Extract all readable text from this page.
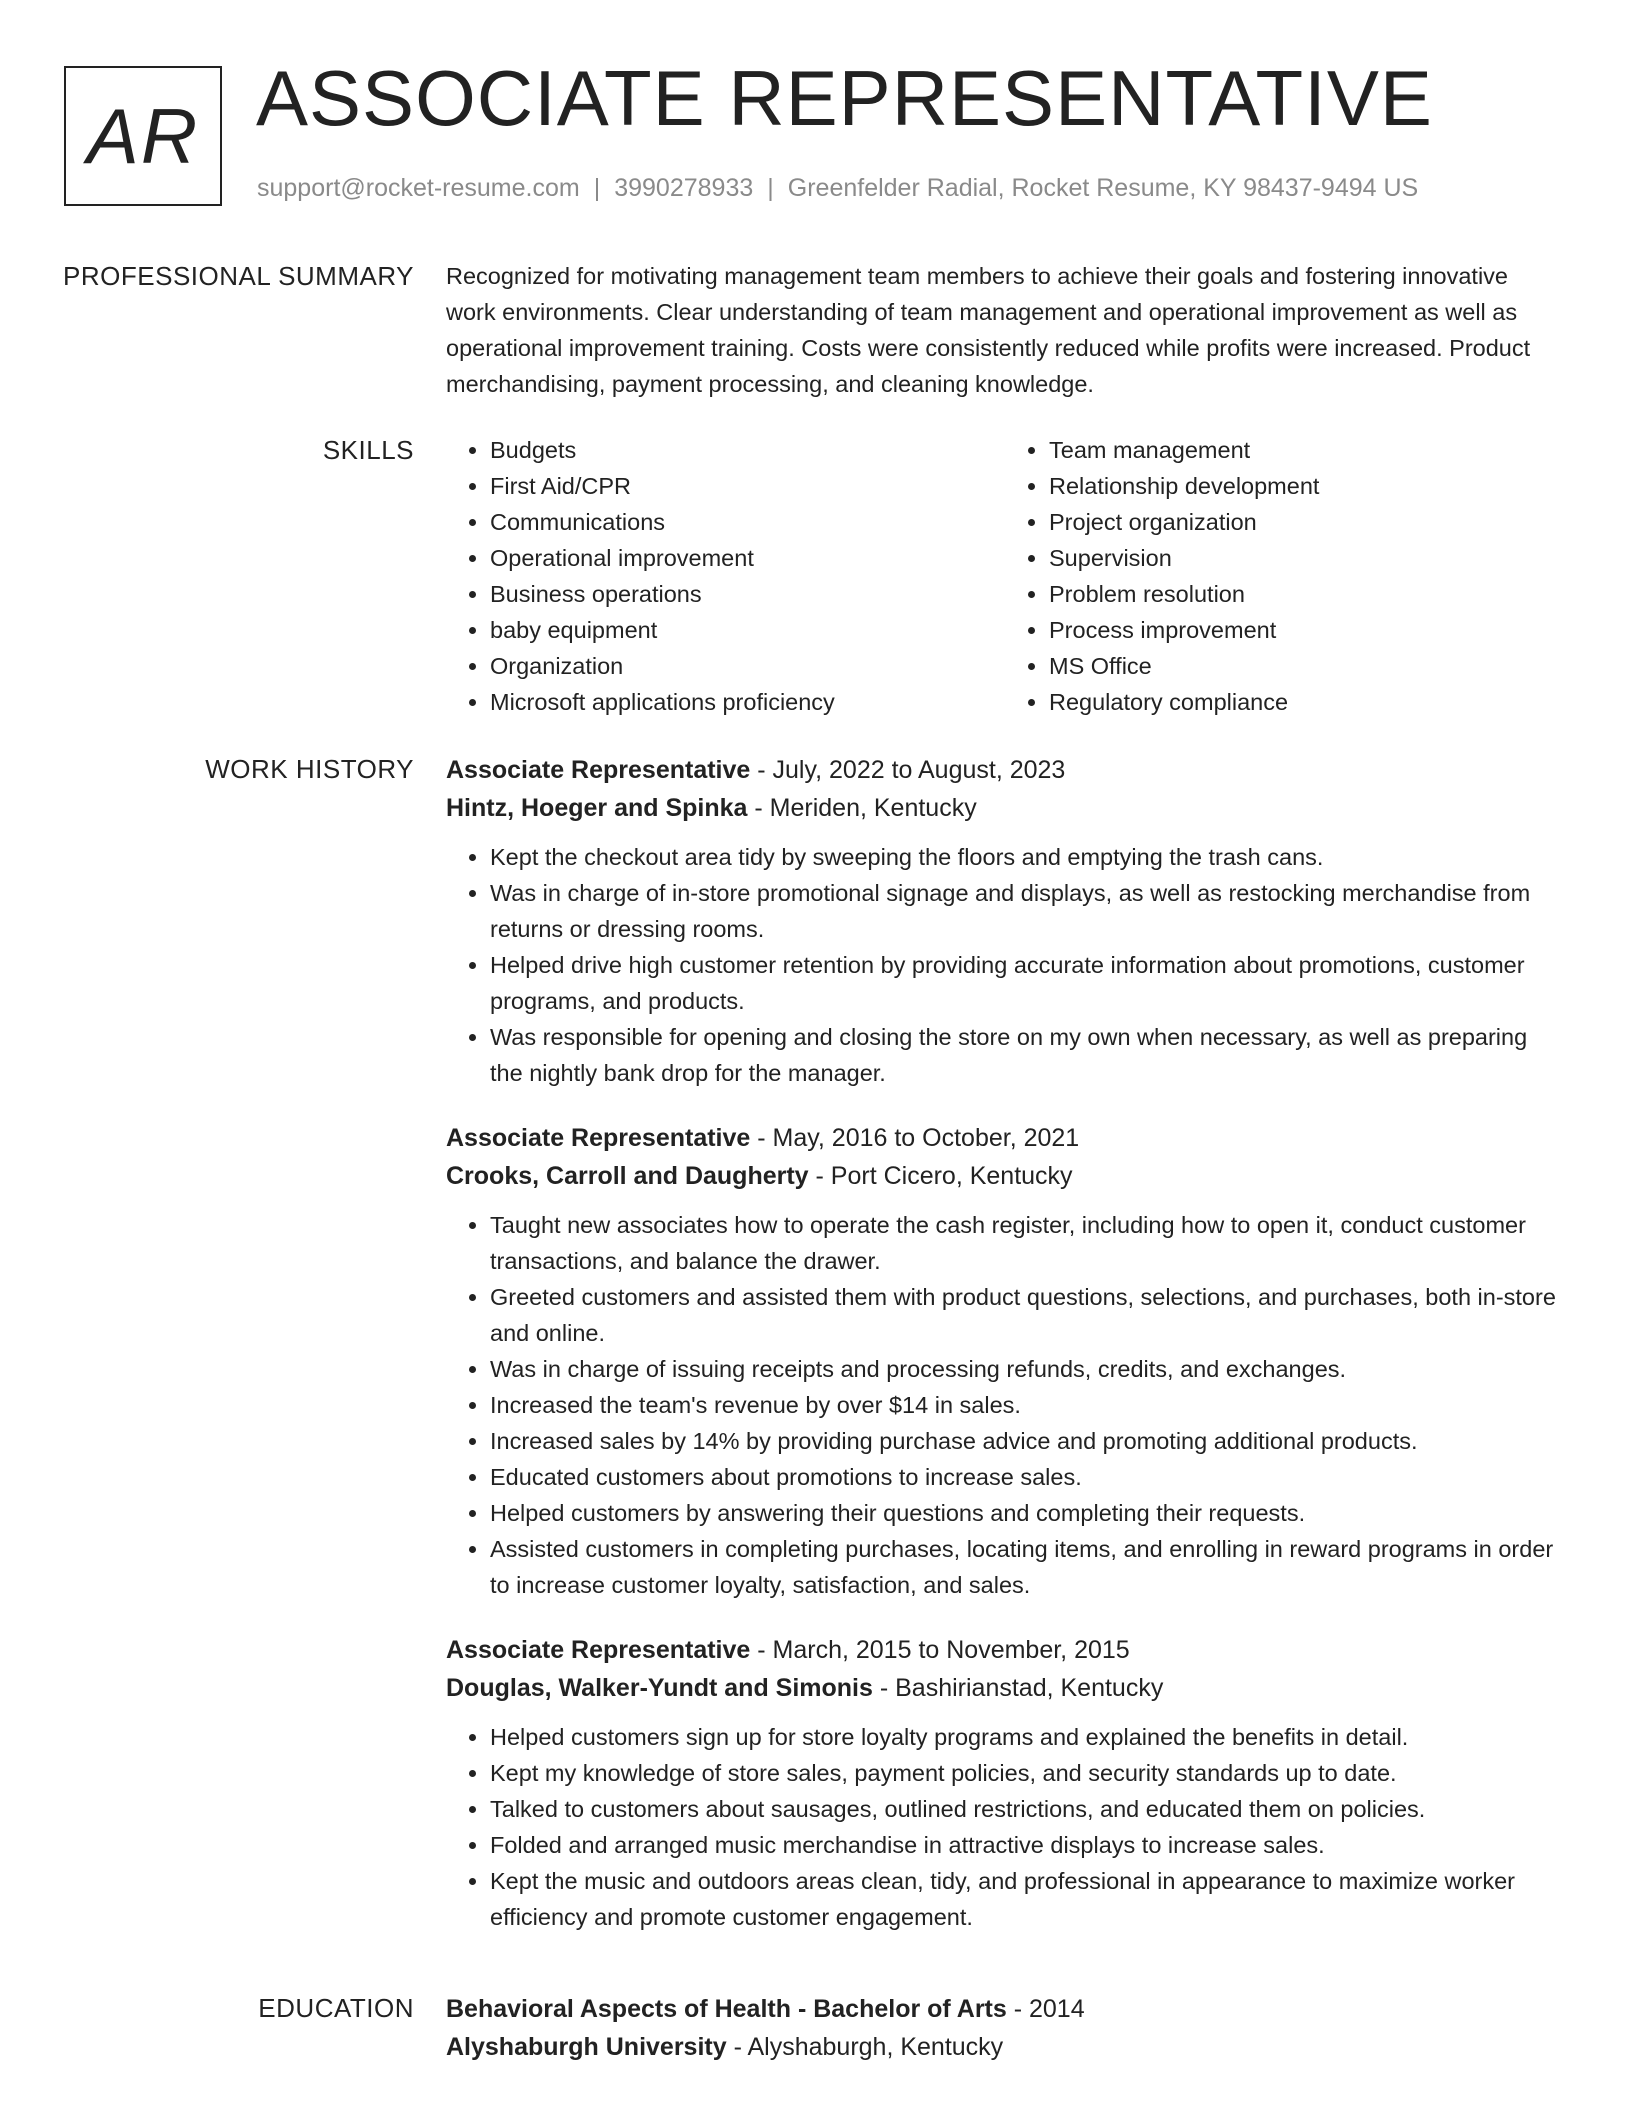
AR ASSOCIATE REPRESENTATIVE
support@rocket-resume.com | 3990278933 | Greenfelder Radial, Rocket Resume, KY 98437-9494 US
PROFESSIONAL SUMMARY Recognized for motivating management team members to achieve their goals and fostering innovative work environments. Clear understanding of team management and operational improvement as well as operational improvement training. Costs were consistently reduced while profits were increased. Product merchandising, payment processing, and cleaning knowledge.

SKILLS
•	Budgets
• First Aid/CPR
• Communications
• Operational improvement
• Business operations
• baby equipment
• Organization
• Microsoft applications proficiency
• Team management
• Relationship development
• Project organization
• Supervision
• Problem resolution
• Process improvement
• MS Office
• Regulatory compliance
WORK HISTORY Associate Representative - July, 2022 to August, 2023
Hintz, Hoeger and Spinka - Meriden, Kentucky
• Kept the checkout area tidy by sweeping the floors and emptying the trash cans.
• Was in charge of in-store promotional signage and displays, as well as restocking merchandise from returns or dressing rooms.
• Helped drive high customer retention by providing accurate information about promotions, customer programs, and products.
• Was responsible for opening and closing the store on my own when necessary, as well as preparing the nightly bank drop for the manager.
Associate Representative - May, 2016 to October, 2021
Crooks, Carroll and Daugherty - Port Cicero, Kentucky
• Taught new associates how to operate the cash register, including how to open it, conduct customer transactions, and balance the drawer.
• Greeted customers and assisted them with product questions, selections, and purchases, both in-store and online.
• Was in charge of issuing receipts and processing refunds, credits, and exchanges.
• Increased the team's revenue by over $14 in sales.
• Increased sales by 14% by providing purchase advice and promoting additional products.
• Educated customers about promotions to increase sales.
• Helped customers by answering their questions and completing their requests.
• Assisted customers in completing purchases, locating items, and enrolling in reward programs in order to increase customer loyalty, satisfaction, and sales.
Associate Representative - March, 2015 to November, 2015
Douglas, Walker-Yundt and Simonis - Bashirianstad, Kentucky
• Helped customers sign up for store loyalty programs and explained the benefits in detail.
• Kept my knowledge of store sales, payment policies, and security standards up to date.
• Talked to customers about sausages, outlined restrictions, and educated them on policies.
• Folded and arranged music merchandise in attractive displays to increase sales.
• Kept the music and outdoors areas clean, tidy, and professional in appearance to maximize worker efficiency and promote customer engagement.
EDUCATION Behavioral Aspects of Health - Bachelor of Arts - 2014
Alyshaburgh University - Alyshaburgh, Kentucky
